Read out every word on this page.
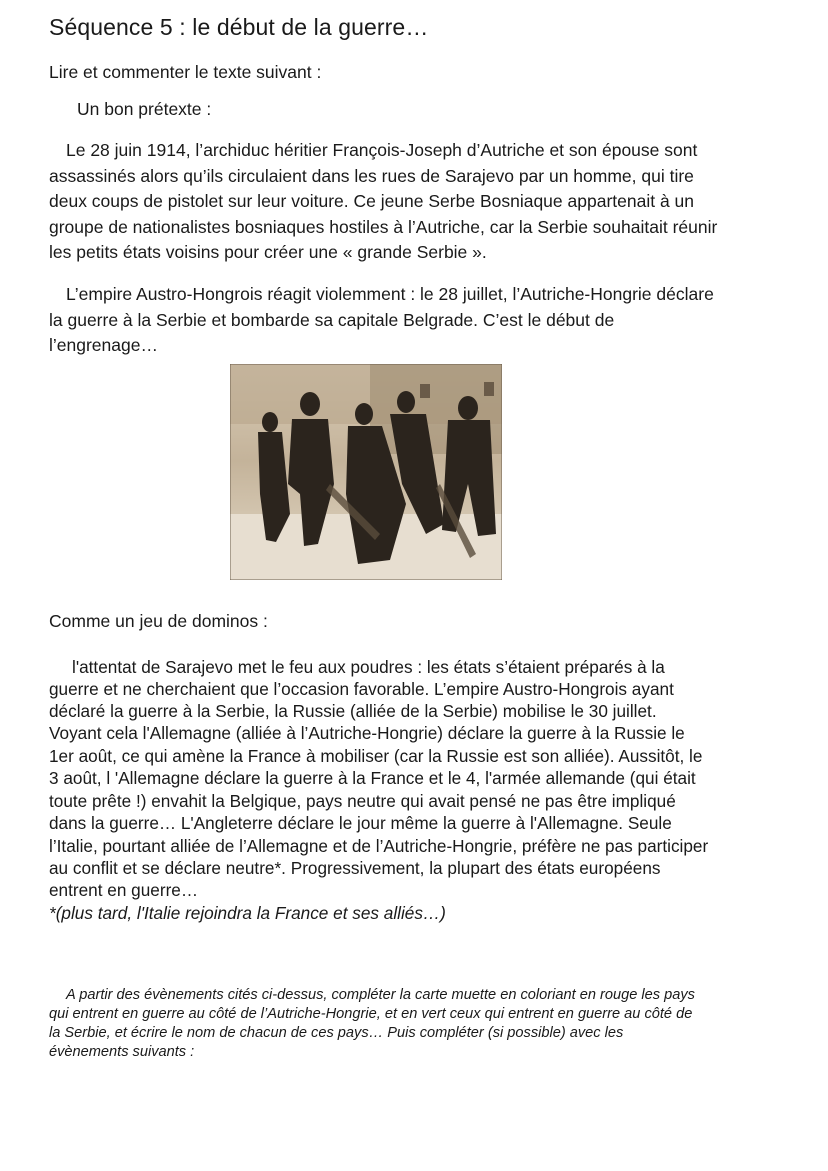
Séquence 5 : le début de la guerre…
Lire et commenter le texte suivant :
Un bon prétexte :
Le 28 juin 1914, l’archiduc héritier François-Joseph d’Autriche et son épouse sont
assassinés alors qu’ils circulaient dans les rues de Sarajevo par un homme, qui tire
deux coups de pistolet sur leur voiture. Ce jeune Serbe Bosniaque appartenait à un
groupe de nationalistes bosniaques hostiles à l’Autriche, car la Serbie souhaitait réunir
les petits états voisins pour créer une « grande Serbie ».
L’empire Austro-Hongrois réagit violemment : le 28 juillet, l’Autriche-Hongrie déclare
la guerre à la Serbie et bombarde sa capitale Belgrade. C’est le début de
l’engrenage…
Comme un jeu de dominos :
l'attentat de Sarajevo met le feu aux poudres : les états s’étaient préparés à la
guerre et ne cherchaient que l’occasion favorable. L’empire Austro-Hongrois ayant
déclaré la guerre à la Serbie, la Russie (alliée de la Serbie) mobilise le 30 juillet.
Voyant cela l'Allemagne (alliée à l’Autriche-Hongrie) déclare la guerre à la Russie le
1er août, ce qui amène la France à mobiliser (car la Russie est son alliée). Aussitôt, le
3 août, l 'Allemagne déclare la guerre à la France et le 4, l'armée allemande (qui était
toute prête !) envahit la Belgique, pays neutre qui avait pensé ne pas être impliqué
dans la guerre… L'Angleterre déclare le jour même la guerre à l'Allemagne. Seule
l’Italie, pourtant alliée de l’Allemagne et de l’Autriche-Hongrie, préfère ne pas participer
au conflit et se déclare neutre*. Progressivement, la plupart des états européens
entrent en guerre…
*(plus tard, l'Italie rejoindra la France et ses alliés…)
A partir des évènements cités ci-dessus, compléter la carte muette en coloriant en rouge les pays
qui entrent en guerre au côté de l’Autriche-Hongrie, et en vert ceux qui entrent en guerre au côté de
la Serbie, et écrire le nom de chacun de ces pays… Puis compléter (si possible) avec les
évènements suivants :
